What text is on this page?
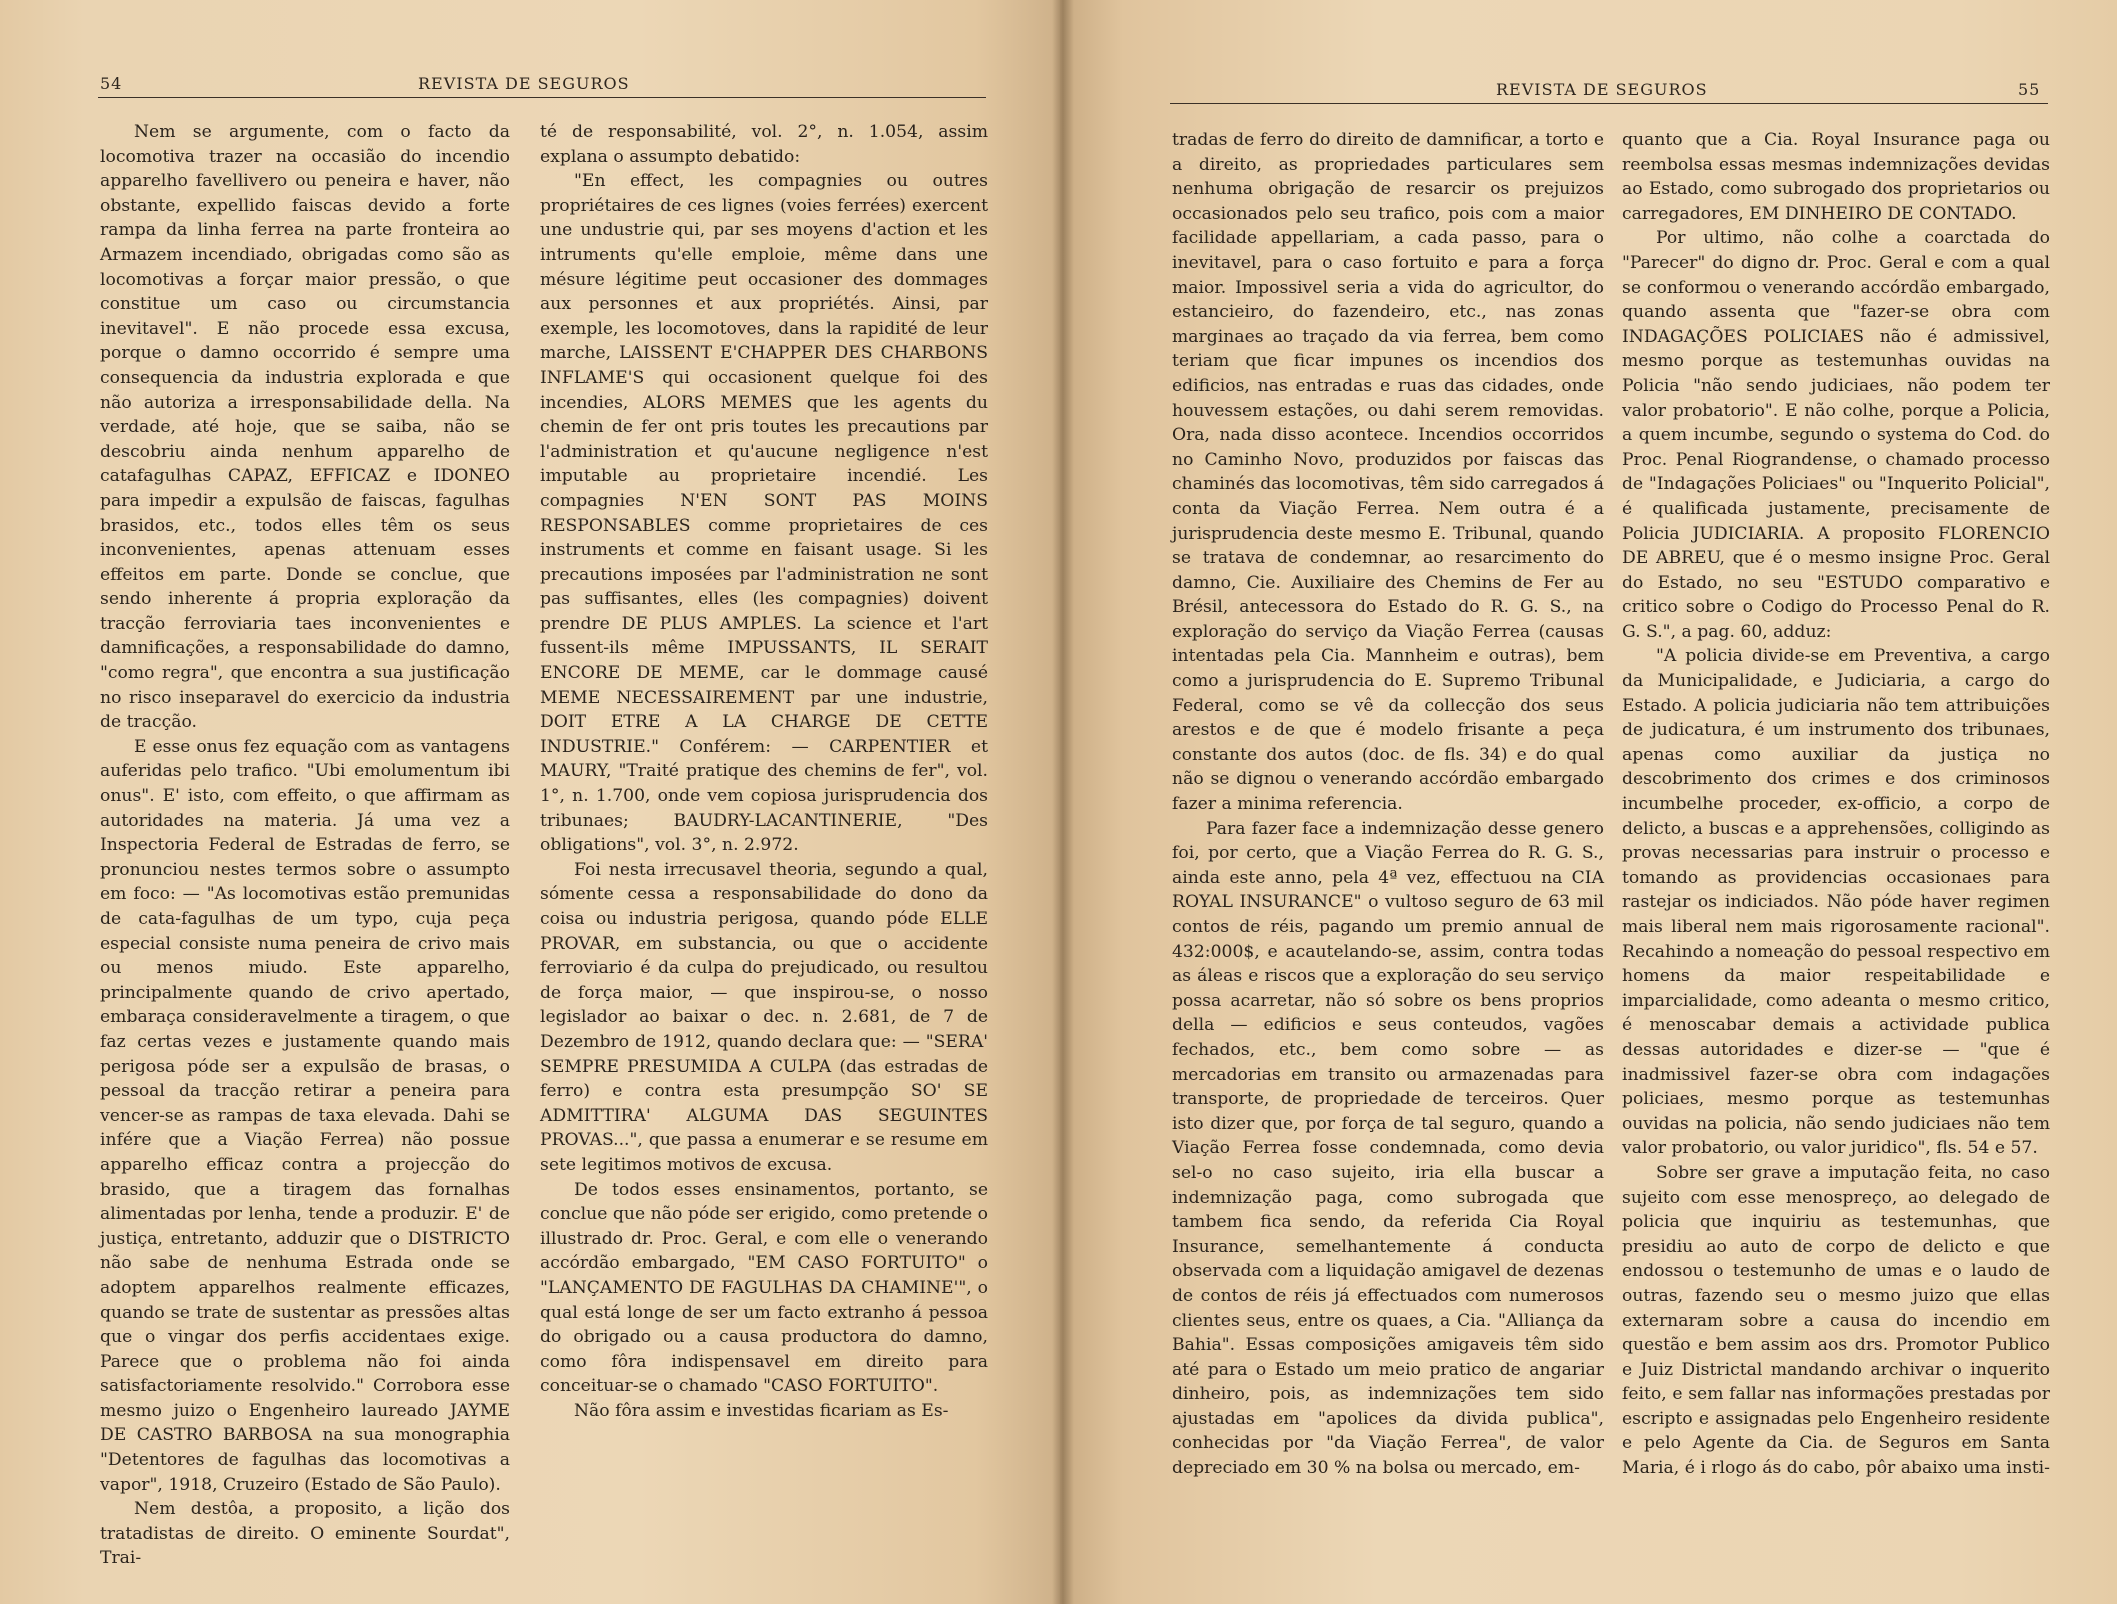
54	REVISTA DE SEGUROS

Nem se argumente, com o facto da locomotiva trazer na occasião do incendio apparelho favellivero ou peneira e haver, não obstante, expellido faiscas devido a forte rampa da linha ferrea na parte fronteira ao Armazem incendiado, obrigadas como são as locomotivas a forçar maior pressão, o que constitue um caso ou circumstancia inevitavel". E não procede essa excusa, porque o damno occorrido é sempre uma consequencia da industria explorada e que não autoriza a irresponsabilidade della. Na verdade, até hoje, que se saiba, não se descobriu ainda nenhum apparelho de catafagulhas CAPAZ, EFFICAZ e IDONEO para impedir a expulsão de faiscas, fagulhas brasidos, etc., todos elles têm os seus inconvenientes, apenas attenuam esses effeitos em parte. Donde se conclue, que sendo inherente á propria exploração da tracção ferroviaria taes inconvenientes e damnificações, a responsabilidade do damno, "como regra", que encontra a sua justificação no risco inseparavel do exercicio da industria de tracção.

E esse onus fez equação com as vantagens auferidas pelo trafico. "Ubi emolumentum ibi onus". E' isto, com effeito, o que affirmam as autoridades na materia. Já uma vez a Inspectoria Federal de Estradas de ferro, se pronunciou nestes termos sobre o assumpto em foco: — "As locomotivas estão premunidas de cata-fagulhas de um typo, cuja peça especial consiste numa peneira de crivo mais ou menos miudo. Este apparelho, principalmente quando de crivo apertado, embaraça consideravelmente a tiragem, o que faz certas vezes e justamente quando mais perigosa póde ser a expulsão de brasas, o pessoal da tracção retirar a peneira para vencer-se as rampas de taxa elevada. Dahi se infére que a Viação Ferrea) não possue apparelho efficaz contra a projecção do brasido, que a tiragem das fornalhas alimentadas por lenha, tende a produzir. E' de justiça, entretanto, adduzir que o DISTRICTO não sabe de nenhuma Estrada onde se adoptem apparelhos realmente efficazes, quando se trate de sustentar as pressões altas que o vingar dos perfis accidentaes exige. Parece que o problema não foi ainda satisfactoriamente resolvido." Corrobora esse mesmo juizo o Engenheiro laureado JAYME DE CASTRO BARBOSA na sua monographia "Detentores de fagulhas das locomotivas a vapor", 1918, Cruzeiro (Estado de São Paulo).

Nem destôa, a proposito, a lição dos tratadistas de direito. O eminente Sourdat", Trai-

té de responsabilité, vol. 2°, n. 1.054, assim explana o assumpto debatido:

"En effect, les compagnies ou outres propriétaires de ces lignes (voies ferrées) exercent une undustrie qui, par ses moyens d'action et les intruments qu'elle emploie, même dans une mésure légitime peut occasioner des dommages aux personnes et aux propriétés. Ainsi, par exemple, les locomotoves, dans la rapidité de leur marche, LAISSENT E'CHAPPER DES CHARBONS INFLAME'S qui occasionent quelque foi des incendies, ALORS MEMES que les agents du chemin de fer ont pris toutes les precautions par l'administration et qu'aucune negligence n'est imputable au proprietaire incendié. Les compagnies N'EN SONT PAS MOINS RESPONSABLES comme proprietaires de ces instruments et comme en faisant usage. Si les precautions imposées par l'administration ne sont pas suffisantes, elles (les compagnies) doivent prendre DE PLUS AMPLES. La science et l'art fussent-ils même IMPUSSANTS, IL SERAIT ENCORE DE MEME, car le dommage causé MEME NECESSAIREMENT par une industrie, DOIT ETRE A LA CHARGE DE CETTE INDUSTRIE." Conférem: — CARPENTIER et MAURY, "Traité pratique des chemins de fer", vol. 1°, n. 1.700, onde vem copiosa jurisprudencia dos tribunaes; BAUDRY-LACANTINERIE, "Des obligations", vol. 3°, n. 2.972.

Foi nesta irrecusavel theoria, segundo a qual, sómente cessa a responsabilidade do dono da coisa ou industria perigosa, quando póde ELLE PROVAR, em substancia, ou que o accidente ferroviario é da culpa do prejudicado, ou resultou de força maior, — que inspirou-se, o nosso legislador ao baixar o dec. n. 2.681, de 7 de Dezembro de 1912, quando declara que: — "SERA' SEMPRE PRESUMIDA A CULPA (das estradas de ferro) e contra esta presumpção SO' SE ADMITTIRA' ALGUMA DAS SEGUINTES PROVAS...", que passa a enumerar e se resume em sete legitimos motivos de excusa.

De todos esses ensinamentos, portanto, se conclue que não póde ser erigido, como pretende o illustrado dr. Proc. Geral, e com elle o venerando accórdão embargado, "EM CASO FORTUITO" o "LANÇAMENTO DE FAGULHAS DA CHAMINE'", o qual está longe de ser um facto extranho á pessoa do obrigado ou a causa productora do damno, como fôra indispensavel em direito para conceituar-se o chamado "CASO FORTUITO".

Não fôra assim e investidas ficariam as Es-

REVISTA DE SEGUROS	55

tradas de ferro do direito de damnificar, a torto e a direito, as propriedades particulares sem nenhuma obrigação de resarcir os prejuizos occasionados pelo seu trafico, pois com a maior facilidade appellariam, a cada passo, para o inevitavel, para o caso fortuito e para a força maior. Impossivel seria a vida do agricultor, do estancieiro, do fazendeiro, etc., nas zonas marginaes ao traçado da via ferrea, bem como teriam que ficar impunes os incendios dos edificios, nas entradas e ruas das cidades, onde houvessem estações, ou dahi serem removidas. Ora, nada disso acontece. Incendios occorridos no Caminho Novo, produzidos por faiscas das chaminés das locomotivas, têm sido carregados á conta da Viação Ferrea. Nem outra é a jurisprudencia deste mesmo E. Tribunal, quando se tratava de condemnar, ao resarcimento do damno, Cie. Auxiliaire des Chemins de Fer au Brésil, antecessora do Estado do R. G. S., na exploração do serviço da Viação Ferrea (causas intentadas pela Cia. Mannheim e outras), bem como a jurisprudencia do E. Supremo Tribunal Federal, como se vê da collecção dos seus arestos e de que é modelo frisante a peça constante dos autos (doc. de fls. 34) e do qual não se dignou o venerando accórdão embargado fazer a minima referencia.

Para fazer face a indemnização desse genero foi, por certo, que a Viação Ferrea do R. G. S., ainda este anno, pela 4ª vez, effectuou na CIA ROYAL INSURANCE" o vultoso seguro de 63 mil contos de réis, pagando um premio annual de 432:000$, e acautelando-se, assim, contra todas as áleas e riscos que a exploração do seu serviço possa acarretar, não só sobre os bens proprios della — edificios e seus conteudos, vagões fechados, etc., bem como sobre — as mercadorias em transito ou armazenadas para transporte, de propriedade de terceiros. Quer isto dizer que, por força de tal seguro, quando a Viação Ferrea fosse condemnada, como devia sel-o no caso sujeito, iria ella buscar a indemnização paga, como subrogada que tambem fica sendo, da referida Cia Royal Insurance, semelhantemente á conducta observada com a liquidação amigavel de dezenas de contos de réis já effectuados com numerosos clientes seus, entre os quaes, a Cia. "Alliança da Bahia". Essas composições amigaveis têm sido até para o Estado um meio pratico de angariar dinheiro, pois, as indemnizações tem sido ajustadas em "apolices da divida publica", conhecidas por "da Viação Ferrea", de valor depreciado em 30 % na bolsa ou mercado, em-

quanto que a Cia. Royal Insurance paga ou reembolsa essas mesmas indemnizações devidas ao Estado, como subrogado dos proprietarios ou carregadores, EM DINHEIRO DE CONTADO.

Por ultimo, não colhe a coarctada do "Parecer" do digno dr. Proc. Geral e com a qual se conformou o venerando accórdão embargado, quando assenta que "fazer-se obra com INDAGAÇÕES POLICIAES não é admissivel, mesmo porque as testemunhas ouvidas na Policia "não sendo judiciaes, não podem ter valor probatorio". E não colhe, porque a Policia, a quem incumbe, segundo o systema do Cod. do Proc. Penal Riograndense, o chamado processo de "Indagações Policiaes" ou "Inquerito Policial", é qualificada justamente, precisamente de Policia JUDICIARIA. A proposito FLORENCIO DE ABREU, que é o mesmo insigne Proc. Geral do Estado, no seu "ESTUDO comparativo e critico sobre o Codigo do Processo Penal do R. G. S.", a pag. 60, adduz:

"A policia divide-se em Preventiva, a cargo da Municipalidade, e Judiciaria, a cargo do Estado. A policia judiciaria não tem attribuições de judicatura, é um instrumento dos tribunaes, apenas como auxiliar da justiça no descobrimento dos crimes e dos criminosos incumbelhe proceder, ex-officio, a corpo de delicto, a buscas e a apprehensões, colligindo as provas necessarias para instruir o processo e tomando as providencias occasionaes para rastejar os indiciados. Não póde haver regimen mais liberal nem mais rigorosamente racional". Recahindo a nomeação do pessoal respectivo em homens da maior respeitabilidade e imparcialidade, como adeanta o mesmo critico, é menoscabar demais a actividade publica dessas autoridades e dizer-se — "que é inadmissivel fazer-se obra com indagações policiaes, mesmo porque as testemunhas ouvidas na policia, não sendo judiciaes não tem valor probatorio, ou valor juridico", fls. 54 e 57.

Sobre ser grave a imputação feita, no caso sujeito com esse menospreço, ao delegado de policia que inquiriu as testemunhas, que presidiu ao auto de corpo de delicto e que endossou o testemunho de umas e o laudo de outras, fazendo seu o mesmo juizo que ellas externaram sobre a causa do incendio em questão e bem assim aos drs. Promotor Publico e Juiz Districtal mandando archivar o inquerito feito, e sem fallar nas informações prestadas por escripto e assignadas pelo Engenheiro residente e pelo Agente da Cia. de Seguros em Santa Maria, é i rlogo ás do cabo, pôr abaixo uma insti-
